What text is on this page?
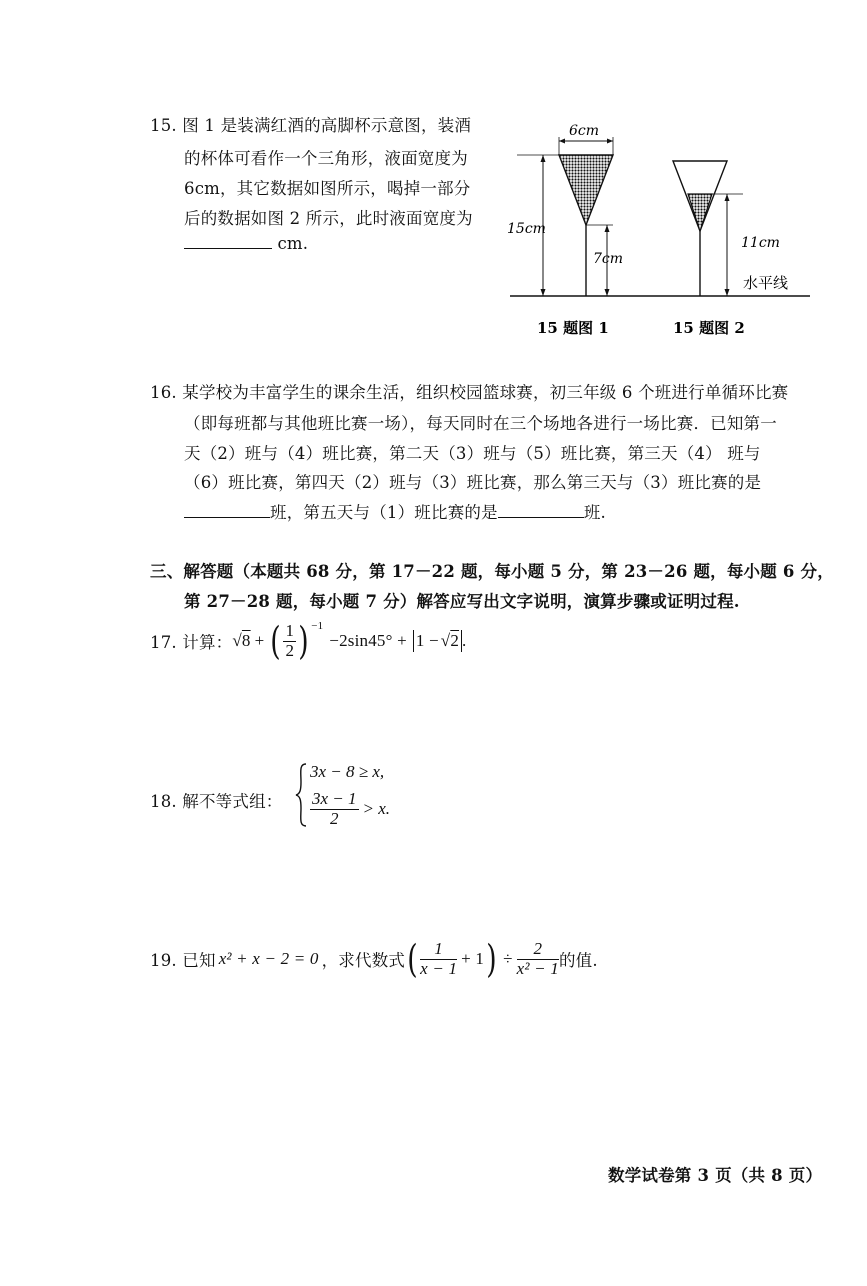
15. 图 1 是装满红酒的高脚杯示意图，装酒
的杯体可看作一个三角形，液面宽度为
6cm，其它数据如图所示，喝掉一部分
后的数据如图 2 所示，此时液面宽度为
cm.
6cm
15cm
7cm
11cm
水平线
15 题图 1	15 题图 2
16. 某学校为丰富学生的课余生活，组织校园篮球赛，初三年级 6 个班进行单循环比赛
（即每班都与其他班比赛一场），每天同时在三个场地各进行一场比赛．已知第一
天（2）班与（4）班比赛，第二天（3）班与（5）班比赛，第三天（4） 班与
（6）班比赛，第四天（2）班与（3）班比赛，那么第三天与（3）班比赛的是
班，第五天与（1）班比赛的是	班.
三、解答题（本题共 68 分，第 17－22 题，每小题 5 分，第 23－26 题，每小题 6 分，
第 27－28 题，每小题 7 分）解答应写出文字说明，演算步骤或证明过程.
17. 计算： √8 + ( $\frac{1}{2} )^{-1}$
−2sin45° + 1 − √2 .
18. 解不等式组：
3x − 8 ≥ x,
$\frac{3x - 1}{2} > x$.
19. 已知 x² + x − 2 = 0 ，求代数式 ( $\frac{1}{x - 1} + 1$ ) ÷ $\frac{2}{\text{x² − 1}}$ 的值.
数学试卷第 3 页（共 8 页）
